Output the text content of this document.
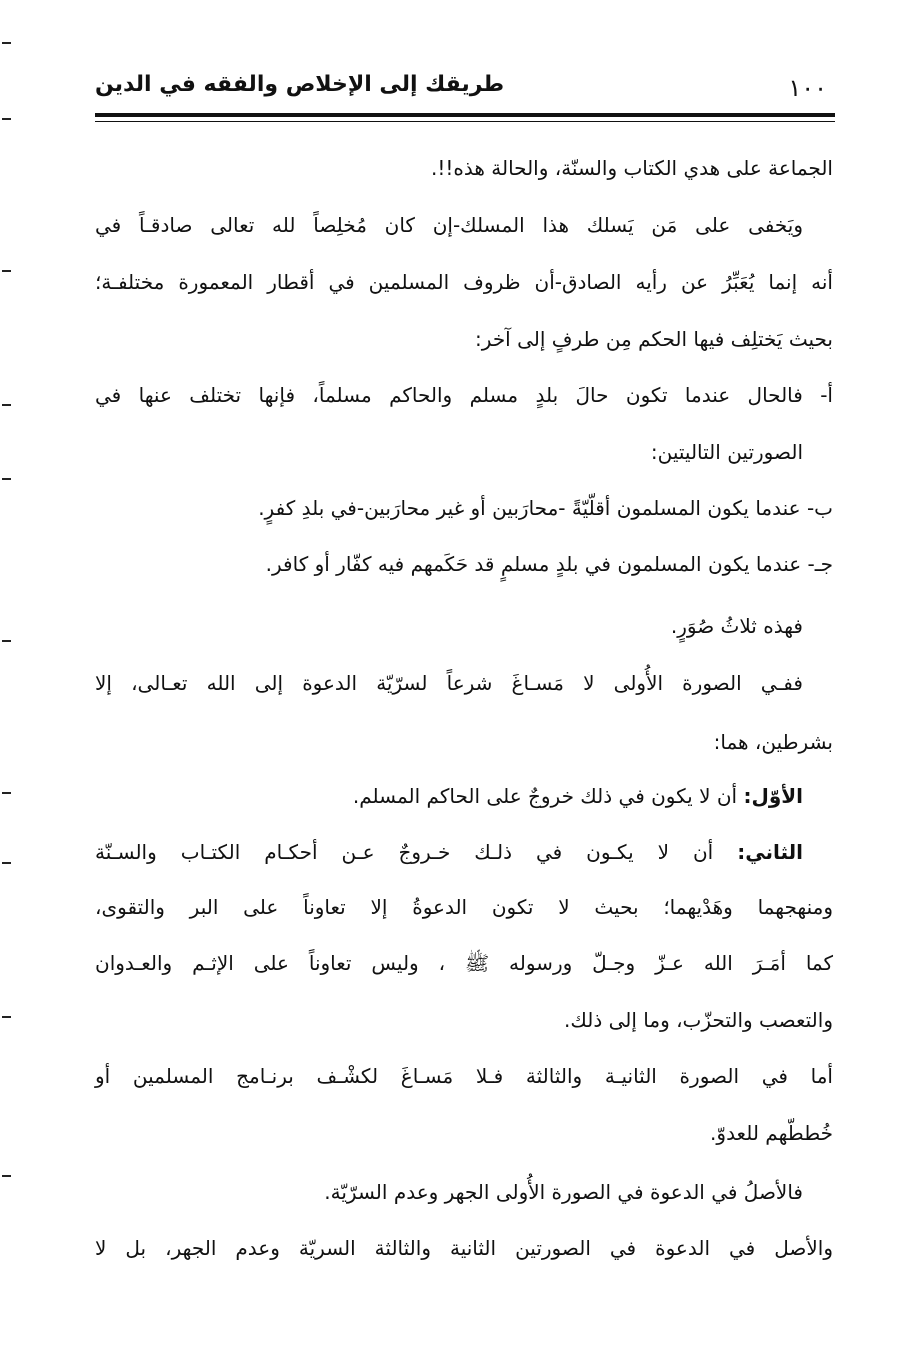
طريقك إلى الإخلاص والفقه في الدين	١٠٠
الجماعة على هدي الكتاب والسنّة، والحالة هذه!!.
ويَخفى على مَن يَسلك هذا المسلك-إن كان مُخلِصاً لله تعالى صادقـاً في
أنه إنما يُعَبِّرُ عن رأيه الصادق-أن ظروف المسلمين في أقطار المعمورة مختلفـة؛
بحيث يَختلِف فيها الحكم مِن طرفٍ إلى آخر:
أ- فالحال عندما تكون حالَ بلدٍ مسلم والحاكم مسلماً، فإنها تختلف عنها في
الصورتين التاليتين:
ب- عندما يكون المسلمون أقلّيّةً -محارَبين أو غير محارَبين-في بلدِ كفرٍ.
جـ- عندما يكون المسلمون في بلدٍ مسلمٍ قد حَكَمهم فيه كفّار أو كافر.
فهذه ثلاثُ صُوَرٍ.
ففـي الصورة الأُولى لا مَسـاغَ شرعاً لسرّيّة الدعوة إلى الله تعـالى، إلا
بشرطين، هما:
الأوّل: أن لا يكون في ذلك خروجٌ على الحاكم المسلم.
الثاني: أن لا يكـون في ذلـك خـروجٌ عـن أحكـام الكتـاب والسـنّة
ومنهجهما وهَدْيهما؛ بحيث لا تكون الدعوةُ إلا تعاوناً على البر والتقوى،
كما أمَـرَ الله عـزّ وجـلّ ورسوله ﷺ ، وليس تعاوناً على الإثـم والعـدوان
والتعصب والتحزّب، وما إلى ذلك.
أما في الصورة الثانيـة والثالثة فـلا مَسـاغَ لكشْـف برنـامج المسلمين أو
خُططّهم للعدوّ.
فالأصلُ في الدعوة في الصورة الأُولى الجهر وعدم السرّيّة.
والأصل في الدعوة في الصورتين الثانية والثالثة السريّة وعدم الجهر، بل لا
